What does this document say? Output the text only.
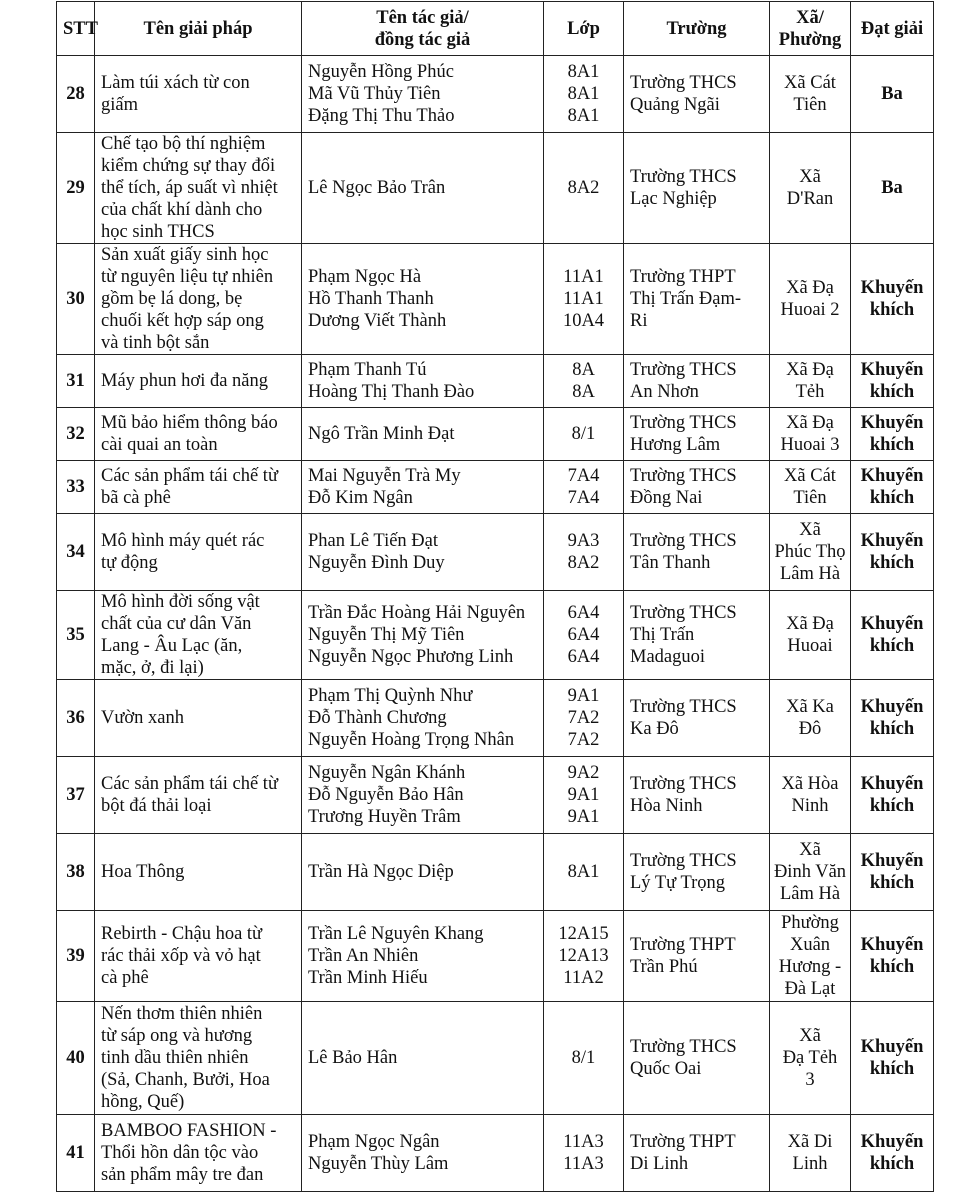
STT	Tên giải pháp	Tên tác giả/
đồng tác giả	Lớp	Trường	Xã/
Phường	Đạt giải
28	Làm túi xách từ con
giấm	Nguyễn Hồng Phúc
Mã Vũ Thủy Tiên
Đặng Thị Thu Thảo	8A1
8A1
8A1	Trường THCS
Quảng Ngãi	Xã Cát
Tiên	Ba

29	Chế tạo bộ thí nghiệm
kiểm chứng sự thay đổi
thể tích, áp suất vì nhiệt
của chất khí dành cho
học sinh THCS	Lê Ngọc Bảo Trân	8A2	Trường THCS
Lạc Nghiệp	Xã
D'Ran	Ba

30	Sản xuất giấy sinh học
từ nguyên liệu tự nhiên
gồm bẹ lá dong, bẹ
chuối kết hợp sáp ong
và tinh bột sắn	Phạm Ngọc Hà
Hồ Thanh Thanh
Dương Viết Thành	11A1
11A1
10A4	Trường THPT
Thị Trấn Đạm-
Ri	Xã Đạ
Huoai 2	Khuyến
khích

31	Máy phun hơi đa năng	Phạm Thanh Tú
Hoàng Thị Thanh Đào	8A
8A	Trường THCS
An Nhơn	Xã Đạ
Tẻh	Khuyến
khích

32	Mũ bảo hiểm thông báo
cài quai an toàn	Ngô Trần Minh Đạt	8/1	Trường THCS
Hương Lâm	Xã Đạ
Huoai 3	Khuyến
khích

33	Các sản phẩm tái chế từ
bã cà phê	Mai Nguyễn Trà My
Đỗ Kim Ngân	7A4
7A4	Trường THCS
Đồng Nai	Xã Cát
Tiên	Khuyến
khích

34	Mô hình máy quét rác
tự động	Phan Lê Tiến Đạt
Nguyễn Đình Duy	9A3
8A2	Trường THCS
Tân Thanh	Xã
Phúc Thọ
Lâm Hà	Khuyến
khích

35	Mô hình đời sống vật
chất của cư dân Văn
Lang - Âu Lạc (ăn,
mặc, ở, đi lại)	Trần Đắc Hoàng Hải Nguyên
Nguyễn Thị Mỹ Tiên
Nguyễn Ngọc Phương Linh	6A4
6A4
6A4	Trường THCS
Thị Trấn
Madaguoi	Xã Đạ
Huoai	Khuyến
khích

36	Vườn xanh	Phạm Thị Quỳnh Như
Đỗ Thành Chương
Nguyễn Hoàng Trọng Nhân	9A1
7A2
7A2	Trường THCS
Ka Đô	Xã Ka
Đô	Khuyến
khích

37	Các sản phẩm tái chế từ
bột đá thải loại	Nguyễn Ngân Khánh
Đỗ Nguyễn Bảo Hân
Trương Huyền Trâm	9A2
9A1
9A1	Trường THCS
Hòa Ninh	Xã Hòa
Ninh	Khuyến
khích

38	Hoa Thông	Trần Hà Ngọc Diệp	8A1	Trường THCS
Lý Tự Trọng	Xã
Đinh Văn
Lâm Hà	Khuyến
khích

39	Rebirth - Chậu hoa từ
rác thải xốp và vỏ hạt
cà phê	Trần Lê Nguyên Khang
Trần An Nhiên
Trần Minh Hiếu	12A15
12A13
11A2	Trường THPT
Trần Phú	Phường
Xuân
Hương -
Đà Lạt	Khuyến
khích

40	Nến thơm thiên nhiên
từ sáp ong và hương
tinh dầu thiên nhiên
(Sả, Chanh, Bưởi, Hoa
hồng, Quế)	Lê Bảo Hân	8/1	Trường THCS
Quốc Oai	Xã
Đạ Tẻh
3	Khuyến
khích

41	BAMBOO FASHION -
Thổi hồn dân tộc vào
sản phẩm mây tre đan	Phạm Ngọc Ngân
Nguyễn Thùy Lâm	11A3
11A3	Trường THPT
Di Linh	Xã Di
Linh	Khuyến
khích
